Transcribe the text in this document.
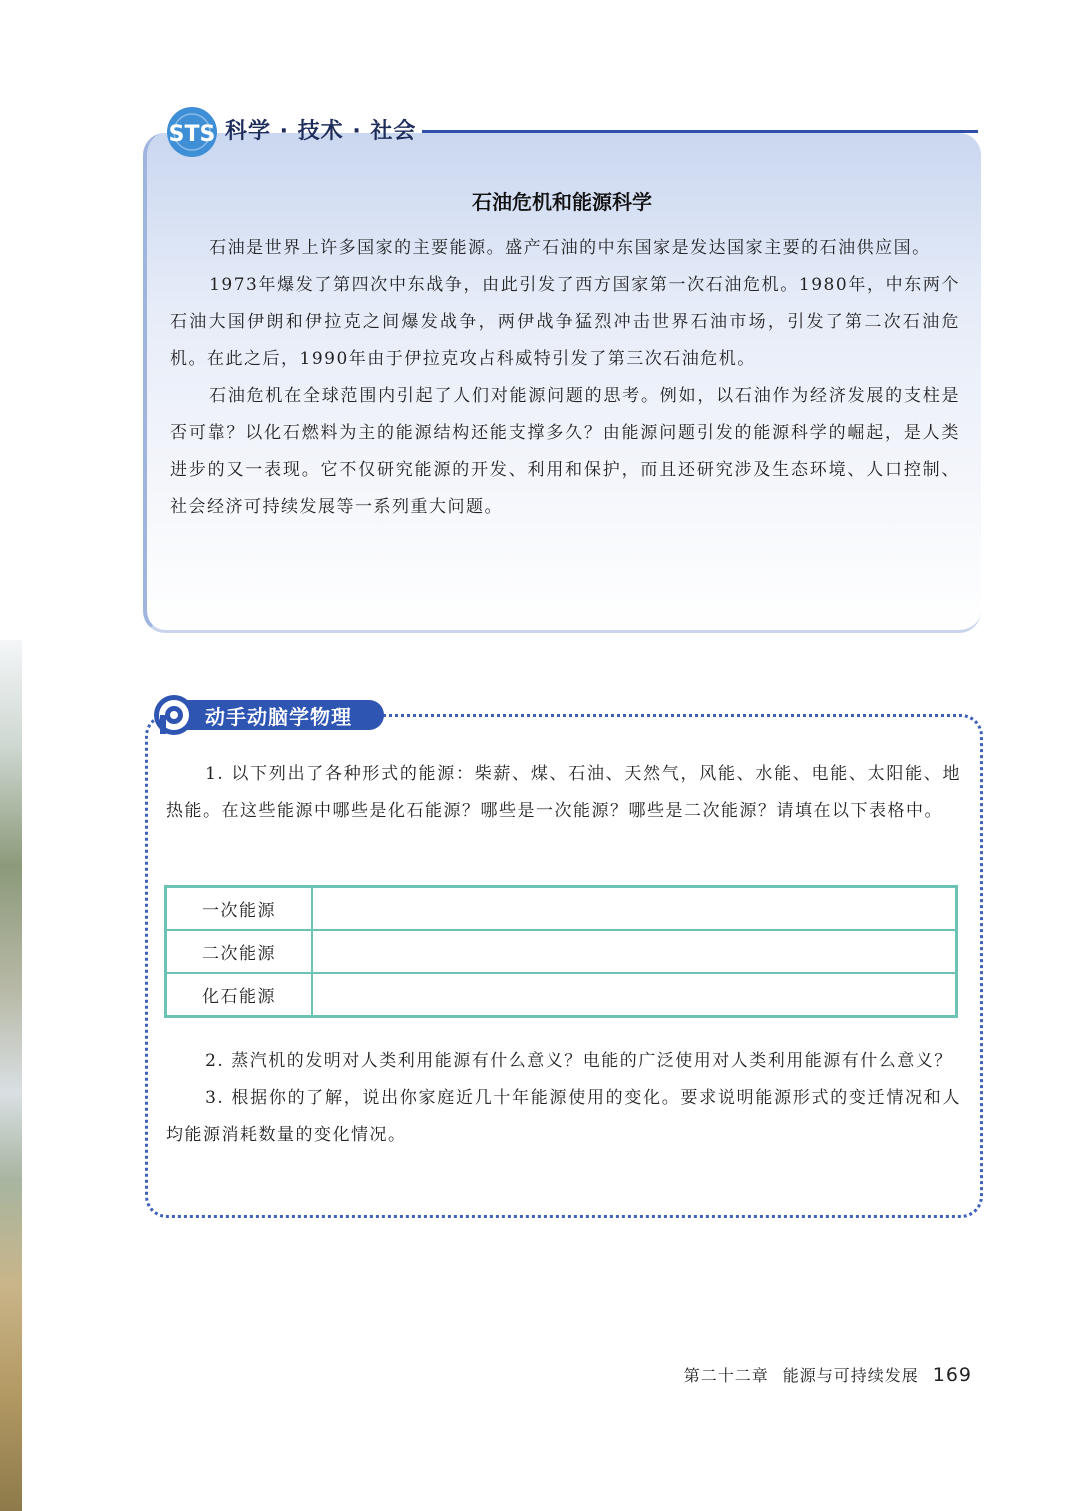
STS 科学 · 技术 · 社会
石油危机和能源科学

石油是世界上许多国家的主要能源。盛产石油的中东国家是发达国家主要的石油供应国。

1973年爆发了第四次中东战争，由此引发了西方国家第一次石油危机。1980年，中东两个石油大国伊朗和伊拉克之间爆发战争，两伊战争猛烈冲击世界石油市场，引发了第二次石油危机。在此之后，1990年由于伊拉克攻占科威特引发了第三次石油危机。

石油危机在全球范围内引起了人们对能源问题的思考。例如，以石油作为经济发展的支柱是否可靠？以化石燃料为主的能源结构还能支撑多久？由能源问题引发的能源科学的崛起，是人类进步的又一表现。它不仅研究能源的开发、利用和保护，而且还研究涉及生态环境、人口控制、社会经济可持续发展等一系列重大问题。

动手动脑学物理

1. 以下列出了各种形式的能源：柴薪、煤、石油、天然气，风能、水能、电能、太阳能、地热能。在这些能源中哪些是化石能源？哪些是一次能源？哪些是二次能源？请填在以下表格中。

一次能源	
二次能源	
化石能源	

2. 蒸汽机的发明对人类利用能源有什么意义？电能的广泛使用对人类利用能源有什么意义？

3. 根据你的了解，说出你家庭近几十年能源使用的变化。要求说明能源形式的变迁情况和人均能源消耗数量的变化情况。

第二十二章 能源与可持续发展 169
